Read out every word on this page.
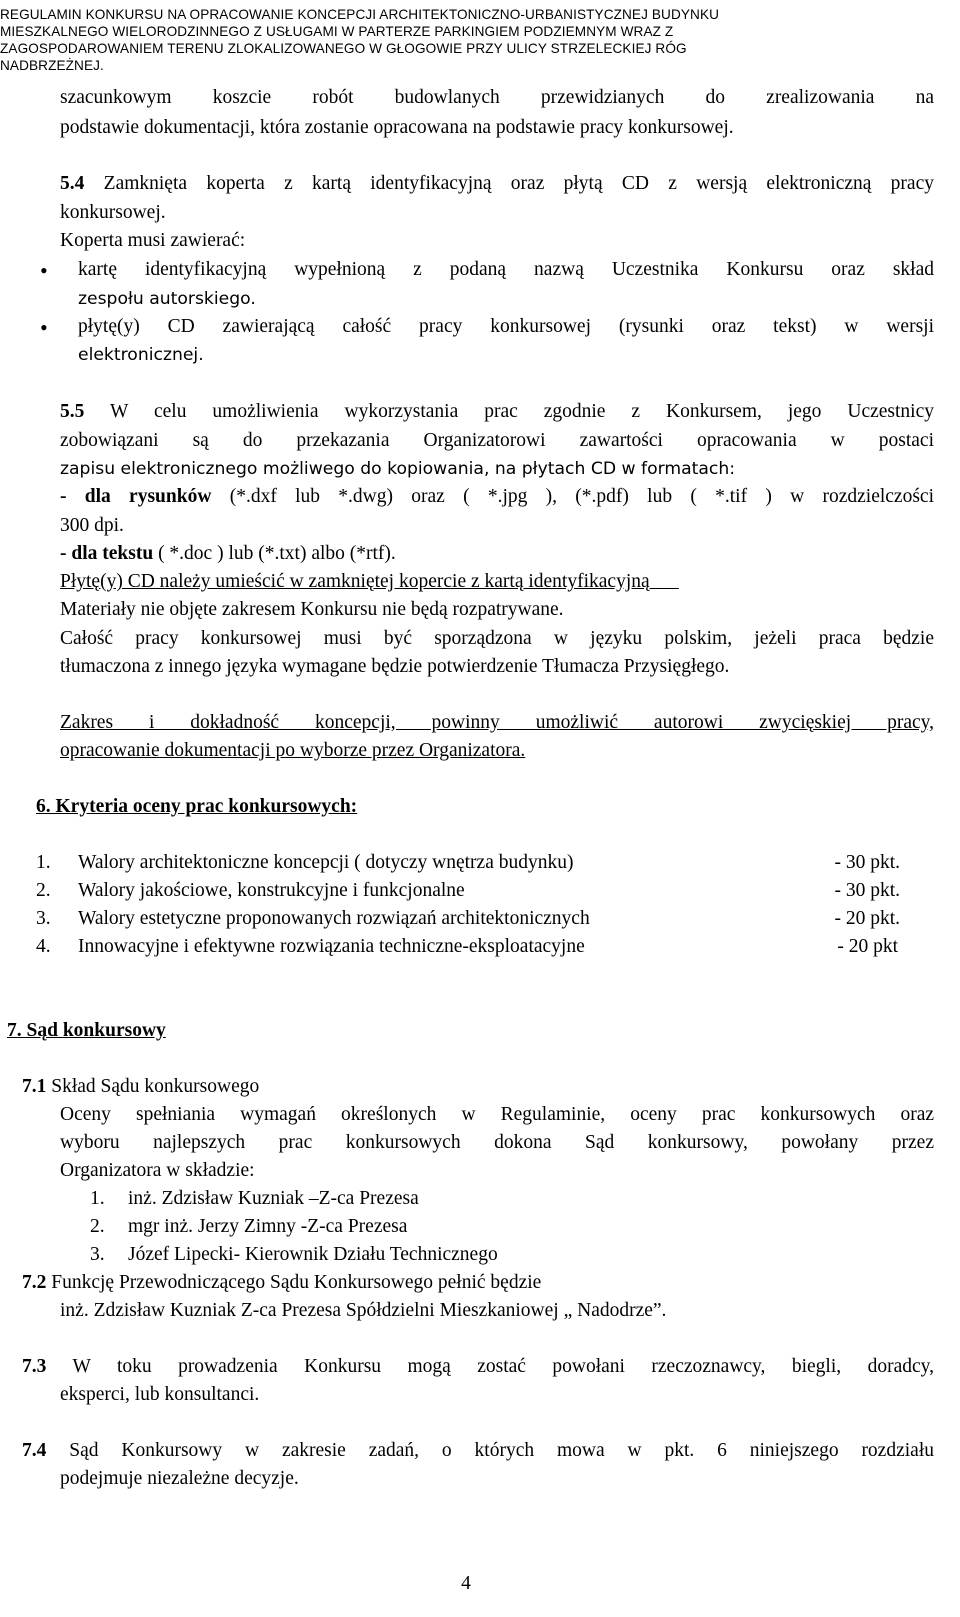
REGULAMIN KONKURSU NA OPRACOWANIE KONCEPCJI ARCHITEKTONICZNO-URBANISTYCZNEJ BUDYNKU
MIESZKALNEGO WIELORODZINNEGO Z USŁUGAMI W PARTERZE PARKINGIEM PODZIEMNYM WRAZ Z
ZAGOSPODAROWANIEM TERENU ZLOKALIZOWANEGO W GŁOGOWIE PRZY ULICY STRZELECKIEJ RÓG
NADBRZEŻNEJ.
szacunkowym koszcie robót budowlanych przewidzianych do zrealizowania na
podstawie dokumentacji, która zostanie opracowana na podstawie pracy konkursowej.
5.4 Zamknięta koperta z kartą identyfikacyjną oraz płytą CD z wersją elektroniczną pracy
konkursowej.
Koperta musi zawierać:
• kartę identyfikacyjną wypełnioną z podaną nazwą Uczestnika Konkursu oraz skład
zespołu autorskiego.
• płytę(y) CD zawierającą całość pracy konkursowej (rysunki oraz tekst) w wersji
elektronicznej.
5.5 W celu umożliwienia wykorzystania prac zgodnie z Konkursem, jego Uczestnicy
zobowiązani są do przekazania Organizatorowi zawartości opracowania w postaci
zapisu elektronicznego możliwego do kopiowania, na płytach CD w formatach:
- dla rysunków (*.dxf lub *.dwg) oraz ( *.jpg ), (*.pdf) lub ( *.tif ) w rozdzielczości
300 dpi.
- dla tekstu ( *.doc ) lub (*.txt) albo (*rtf).
Płytę(y) CD należy umieścić w zamkniętej kopercie z kartą identyfikacyjną
Materiały nie objęte zakresem Konkursu nie będą rozpatrywane.
Całość pracy konkursowej musi być sporządzona w języku polskim, jeżeli praca będzie
tłumaczona z innego języka wymagane będzie potwierdzenie Tłumacza Przysięgłego.
Zakres i dokładność koncepcji, powinny umożliwić autorowi zwycięskiej pracy,
opracowanie dokumentacji po wyborze przez Organizatora.
6. Kryteria oceny prac konkursowych:
1. Walory architektoniczne koncepcji ( dotyczy wnętrza budynku)	- 30 pkt.
2. Walory jakościowe, konstrukcyjne i funkcjonalne	- 30 pkt.
3. Walory estetyczne proponowanych rozwiązań architektonicznych	- 20 pkt.
4. Innowacyjne i efektywne rozwiązania techniczne-eksploatacyjne	- 20 pkt
7. Sąd konkursowy
7.1 Skład Sądu konkursowego
Oceny spełniania wymagań określonych w Regulaminie, oceny prac konkursowych oraz
wyboru najlepszych prac konkursowych dokona Sąd konkursowy, powołany przez
Organizatora w składzie:
1. inż. Zdzisław Kuzniak –Z-ca Prezesa
2. mgr inż. Jerzy Zimny -Z-ca Prezesa
3. Józef Lipecki- Kierownik Działu Technicznego
7.2 Funkcję Przewodniczącego Sądu Konkursowego pełnić będzie
inż. Zdzisław Kuzniak Z-ca Prezesa Spółdzielni Mieszkaniowej „ Nadodrze”.
7.3 W toku prowadzenia Konkursu mogą zostać powołani rzeczoznawcy, biegli, doradcy,
eksperci, lub konsultanci.
7.4 Sąd Konkursowy w zakresie zadań, o których mowa w pkt. 6 niniejszego rozdziału
podejmuje niezależne decyzje.
4
